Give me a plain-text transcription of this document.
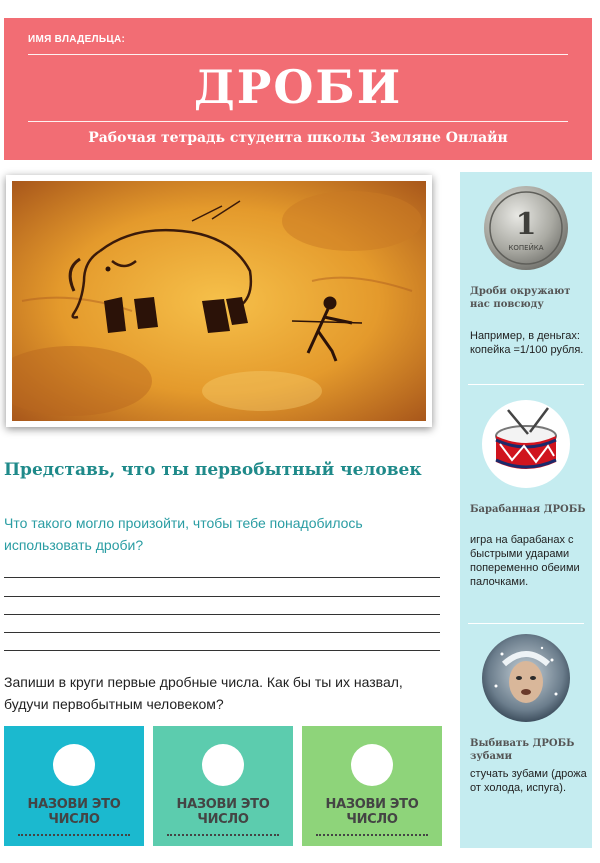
ИМЯ ВЛАДЕЛЬЦА:
ДРОБИ
Рабочая тетрадь студента школы Земляне Онлайн
Представь, что ты первобытный человек
Что такого могло произойти, чтобы тебе понадобилось использовать дроби?
Запиши в круги первые дробные числа. Как бы ты их назвал, будучи первобытным человеком?
НАЗОВИ ЭТО ЧИСЛО
НАЗОВИ ЭТО ЧИСЛО
НАЗОВИ ЭТО ЧИСЛО
1
КОПЕЙКА
Дроби окружают нас повсюду
Например, в деньгах: копейка =1/100 рубля.
Барабанная ДРОБЬ
игра на барабанах с быстрыми ударами попеременно обеими палочками.
Выбивать ДРОБЬ зубами
стучать зубами (дрожа от холода, испуга).
